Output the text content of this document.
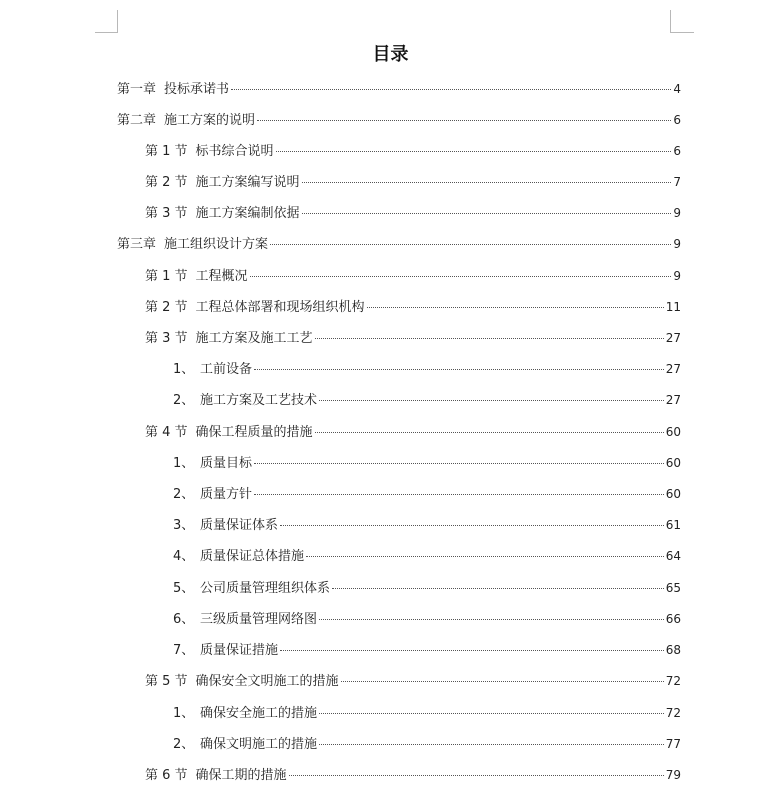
目录
第一章 投标承诺书	4
第二章 施工方案的说明	6
第 1 节 标书综合说明	6
第 2 节 施工方案编写说明	7
第 3 节 施工方案编制依据	9
第三章 施工组织设计方案	9
第 1 节 工程概况	9
第 2 节 工程总体部署和现场组织机构	11
第 3 节 施工方案及施工工艺	27
1、 工前设备	27
2、 施工方案及工艺技术	27
第 4 节 确保工程质量的措施	60
1、 质量目标	60
2、 质量方针	60
3、 质量保证体系	61
4、 质量保证总体措施	64
5、 公司质量管理组织体系	65
6、 三级质量管理网络图	66
7、 质量保证措施	68
第 5 节 确保安全文明施工的措施	72
1、 确保安全施工的措施	72
2、 确保文明施工的措施	77
第 6 节 确保工期的措施	79
